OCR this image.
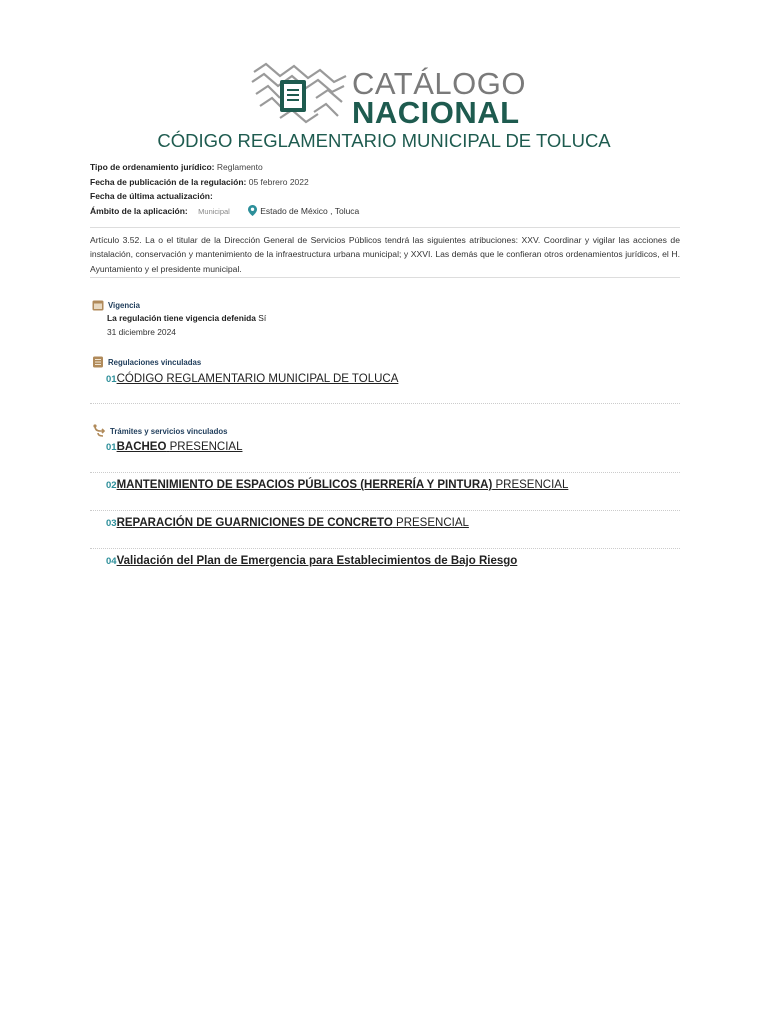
CATÁLOGO
NACIONAL
CÓDIGO REGLAMENTARIO MUNICIPAL DE TOLUCA
Tipo de ordenamiento jurídico: Reglamento
Fecha de publicación de la regulación: 05 febrero 2022
Fecha de última actualización:
Ámbito de la aplicación: Municipal	Estado de México , Toluca
Artículo 3.52. La o el titular de la Dirección General de Servicios Públicos tendrá las siguientes atribuciones: XXV. Coordinar y vigilar las acciones de instalación, conservación y mantenimiento de la infraestructura urbana municipal; y XXVI. Las demás que le confieran otros ordenamientos jurídicos, el H. Ayuntamiento y el presidente municipal.
Vigencia
La regulación tiene vigencia defenida Sí
31 diciembre 2024
Regulaciones vinculadas
01CÓDIGO REGLAMENTARIO MUNICIPAL DE TOLUCA
Trámites y servicios vinculados
01BACHEO PRESENCIAL
02MANTENIMIENTO DE ESPACIOS PÚBLICOS (HERRERÍA Y PINTURA) PRESENCIAL
03REPARACIÓN DE GUARNICIONES DE CONCRETO PRESENCIAL
04Validación del Plan de Emergencia para Establecimientos de Bajo Riesgo
